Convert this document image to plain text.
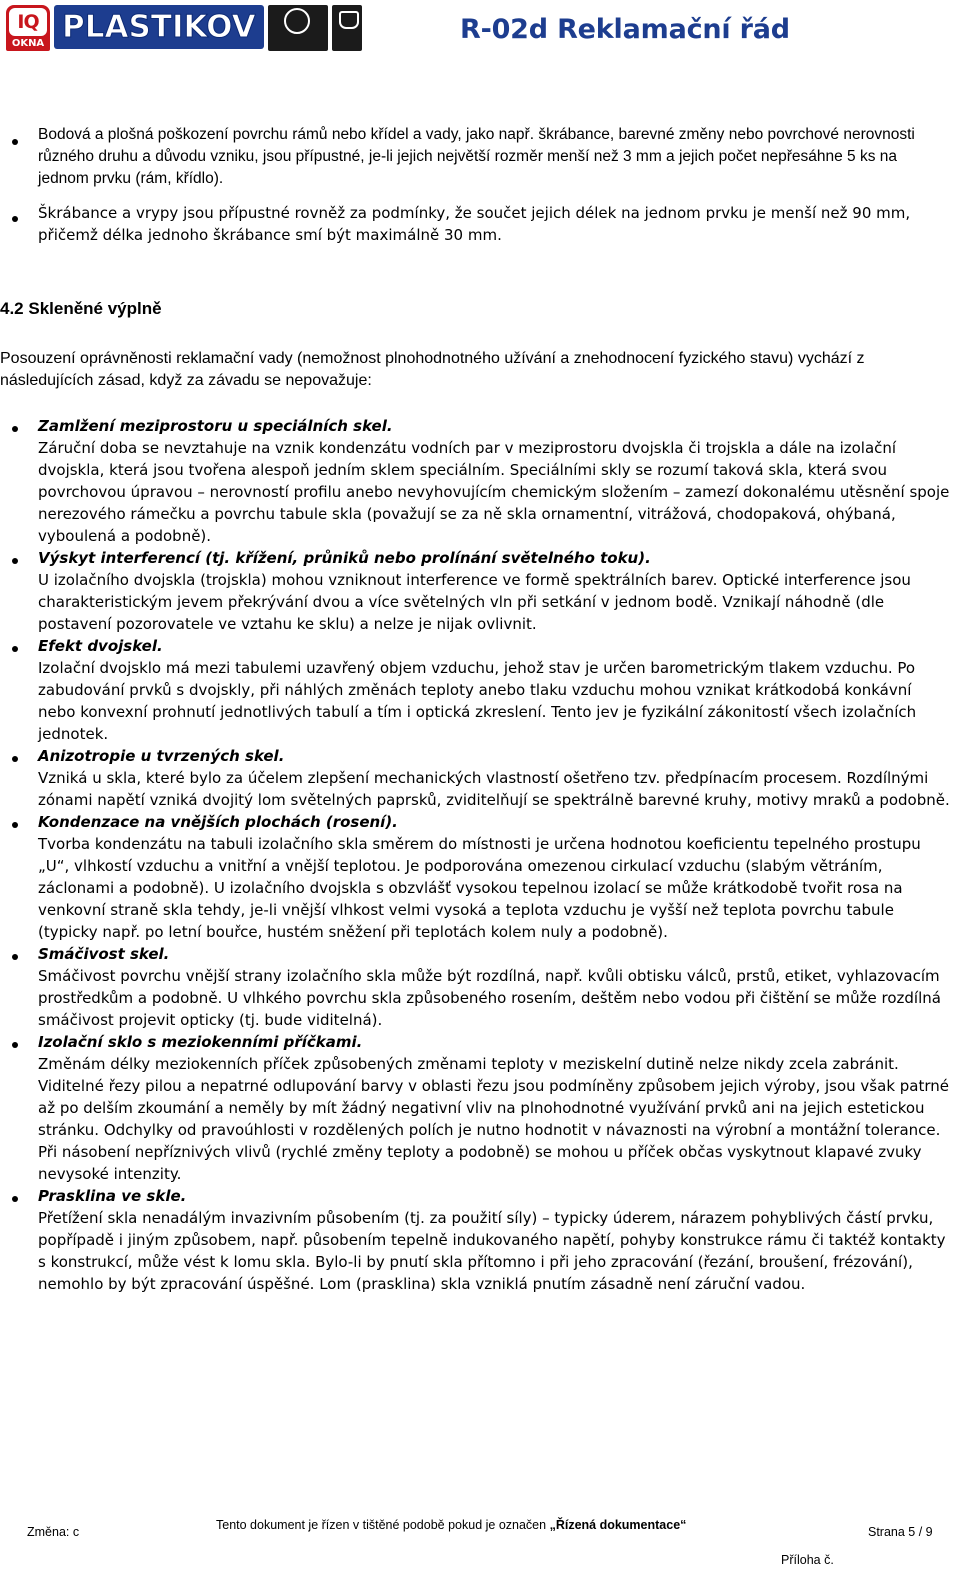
IQ
OKNA PLASTIKOV	R-02d Reklamační řád
Bodová a plošná poškození povrchu rámů nebo křídel a vady, jako např. škrábance, barevné změny nebo povrchové nerovnosti různého druhu a důvodu vzniku, jsou přípustné, je-li jejich největší rozměr menší než 3 mm a jejich počet nepřesáhne 5 ks na jednom prvku (rám, křídlo).
Škrábance a vrypy jsou přípustné rovněž za podmínky, že součet jejich délek na jednom prvku je menší než 90 mm, přičemž délka jednoho škrábance smí být maximálně 30 mm.
4.2 Skleněné výplně
Posouzení oprávněnosti reklamační vady (nemožnost plnohodnotného užívání a znehodnocení fyzického stavu) vychází z následujících zásad, když za závadu se nepovažuje:
Zamlžení meziprostoru u speciálních skel.
Záruční doba se nevztahuje na vznik kondenzátu vodních par v meziprostoru dvojskla či trojskla a dále na izolační dvojskla, která jsou tvořena alespoň jedním sklem speciálním. Speciálními skly se rozumí taková skla, která svou povrchovou úpravou – nerovností profilu anebo nevyhovujícím chemickým složením – zamezí dokonalému utěsnění spoje nerezového rámečku a povrchu tabule skla (považují se za ně skla ornamentní, vitrážová, chodopaková, ohýbaná, vyboulená a podobně).
Výskyt interferencí (tj. křížení, průniků nebo prolínání světelného toku).
U izolačního dvojskla (trojskla) mohou vzniknout interference ve formě spektrálních barev. Optické interference jsou charakteristickým jevem překrývání dvou a více světelných vln při setkání v jednom bodě. Vznikají náhodně (dle postavení pozorovatele ve vztahu ke sklu) a nelze je nijak ovlivnit.
Efekt dvojskel.
Izolační dvojsklo má mezi tabulemi uzavřený objem vzduchu, jehož stav je určen barometrickým tlakem vzduchu. Po zabudování prvků s dvojskly, při náhlých změnách teploty anebo tlaku vzduchu mohou vznikat krátkodobá konkávní nebo konvexní prohnutí jednotlivých tabulí a tím i optická zkreslení. Tento jev je fyzikální zákonitostí všech izolačních jednotek.
Anizotropie u tvrzených skel.
Vzniká u skla, které bylo za účelem zlepšení mechanických vlastností ošetřeno tzv. předpínacím procesem. Rozdílnými zónami napětí vzniká dvojitý lom světelných paprsků, zviditelňují se spektrálně barevné kruhy, motivy mraků a podobně.
Kondenzace na vnějších plochách (rosení).
Tvorba kondenzátu na tabuli izolačního skla směrem do místnosti je určena hodnotou koeficientu tepelného prostupu „U“, vlhkostí vzduchu a vnitřní a vnější teplotou. Je podporována omezenou cirkulací vzduchu (slabým větráním, záclonami a podobně). U izolačního dvojskla s obzvlášť vysokou tepelnou izolací se může krátkodobě tvořit rosa na venkovní straně skla tehdy, je-li vnější vlhkost velmi vysoká a teplota vzduchu je vyšší než teplota povrchu tabule (typicky např. po letní bouřce, hustém sněžení při teplotách kolem nuly a podobně).
Smáčivost skel.
Smáčivost povrchu vnější strany izolačního skla může být rozdílná, např. kvůli obtisku válců, prstů, etiket, vyhlazovacím prostředkům a podobně. U vlhkého povrchu skla způsobeného rosením, deštěm nebo vodou při čištění se může rozdílná smáčivost projevit opticky (tj. bude viditelná).
Izolační sklo s meziokenními příčkami.
Změnám délky meziokenních příček způsobených změnami teploty v meziskelní dutině nelze nikdy zcela zabránit. Viditelné řezy pilou a nepatrné odlupování barvy v oblasti řezu jsou podmíněny způsobem jejich výroby, jsou však patrné až po delším zkoumání a neměly by mít žádný negativní vliv na plnohodnotné využívání prvků ani na jejich estetickou stránku. Odchylky od pravoúhlosti v rozdělených polích je nutno hodnotit v návaznosti na výrobní a montážní tolerance. Při násobení nepříznivých vlivů (rychlé změny teploty a podobně) se mohou u příček občas vyskytnout klapavé zvuky nevysoké intenzity.
Prasklina ve skle.
Přetížení skla nenadálým invazivním působením (tj. za použití síly) – typicky úderem, nárazem pohyblivých částí prvku, popřípadě i jiným způsobem, např. působením tepelně indukovaného napětí, pohyby konstrukce rámu či taktéž kontakty s konstrukcí, může vést k lomu skla. Bylo-li by pnutí skla přítomno i při jeho zpracování (řezání, broušení, frézování), nemohlo by být zpracování úspěšné. Lom (prasklina) skla vzniklá pnutím zásadně není záruční vadou.
Změna: c	Tento dokument je řízen v tištěné podobě pokud je označen „Řízená dokumentace“	Strana 5 / 9
Příloha č.
